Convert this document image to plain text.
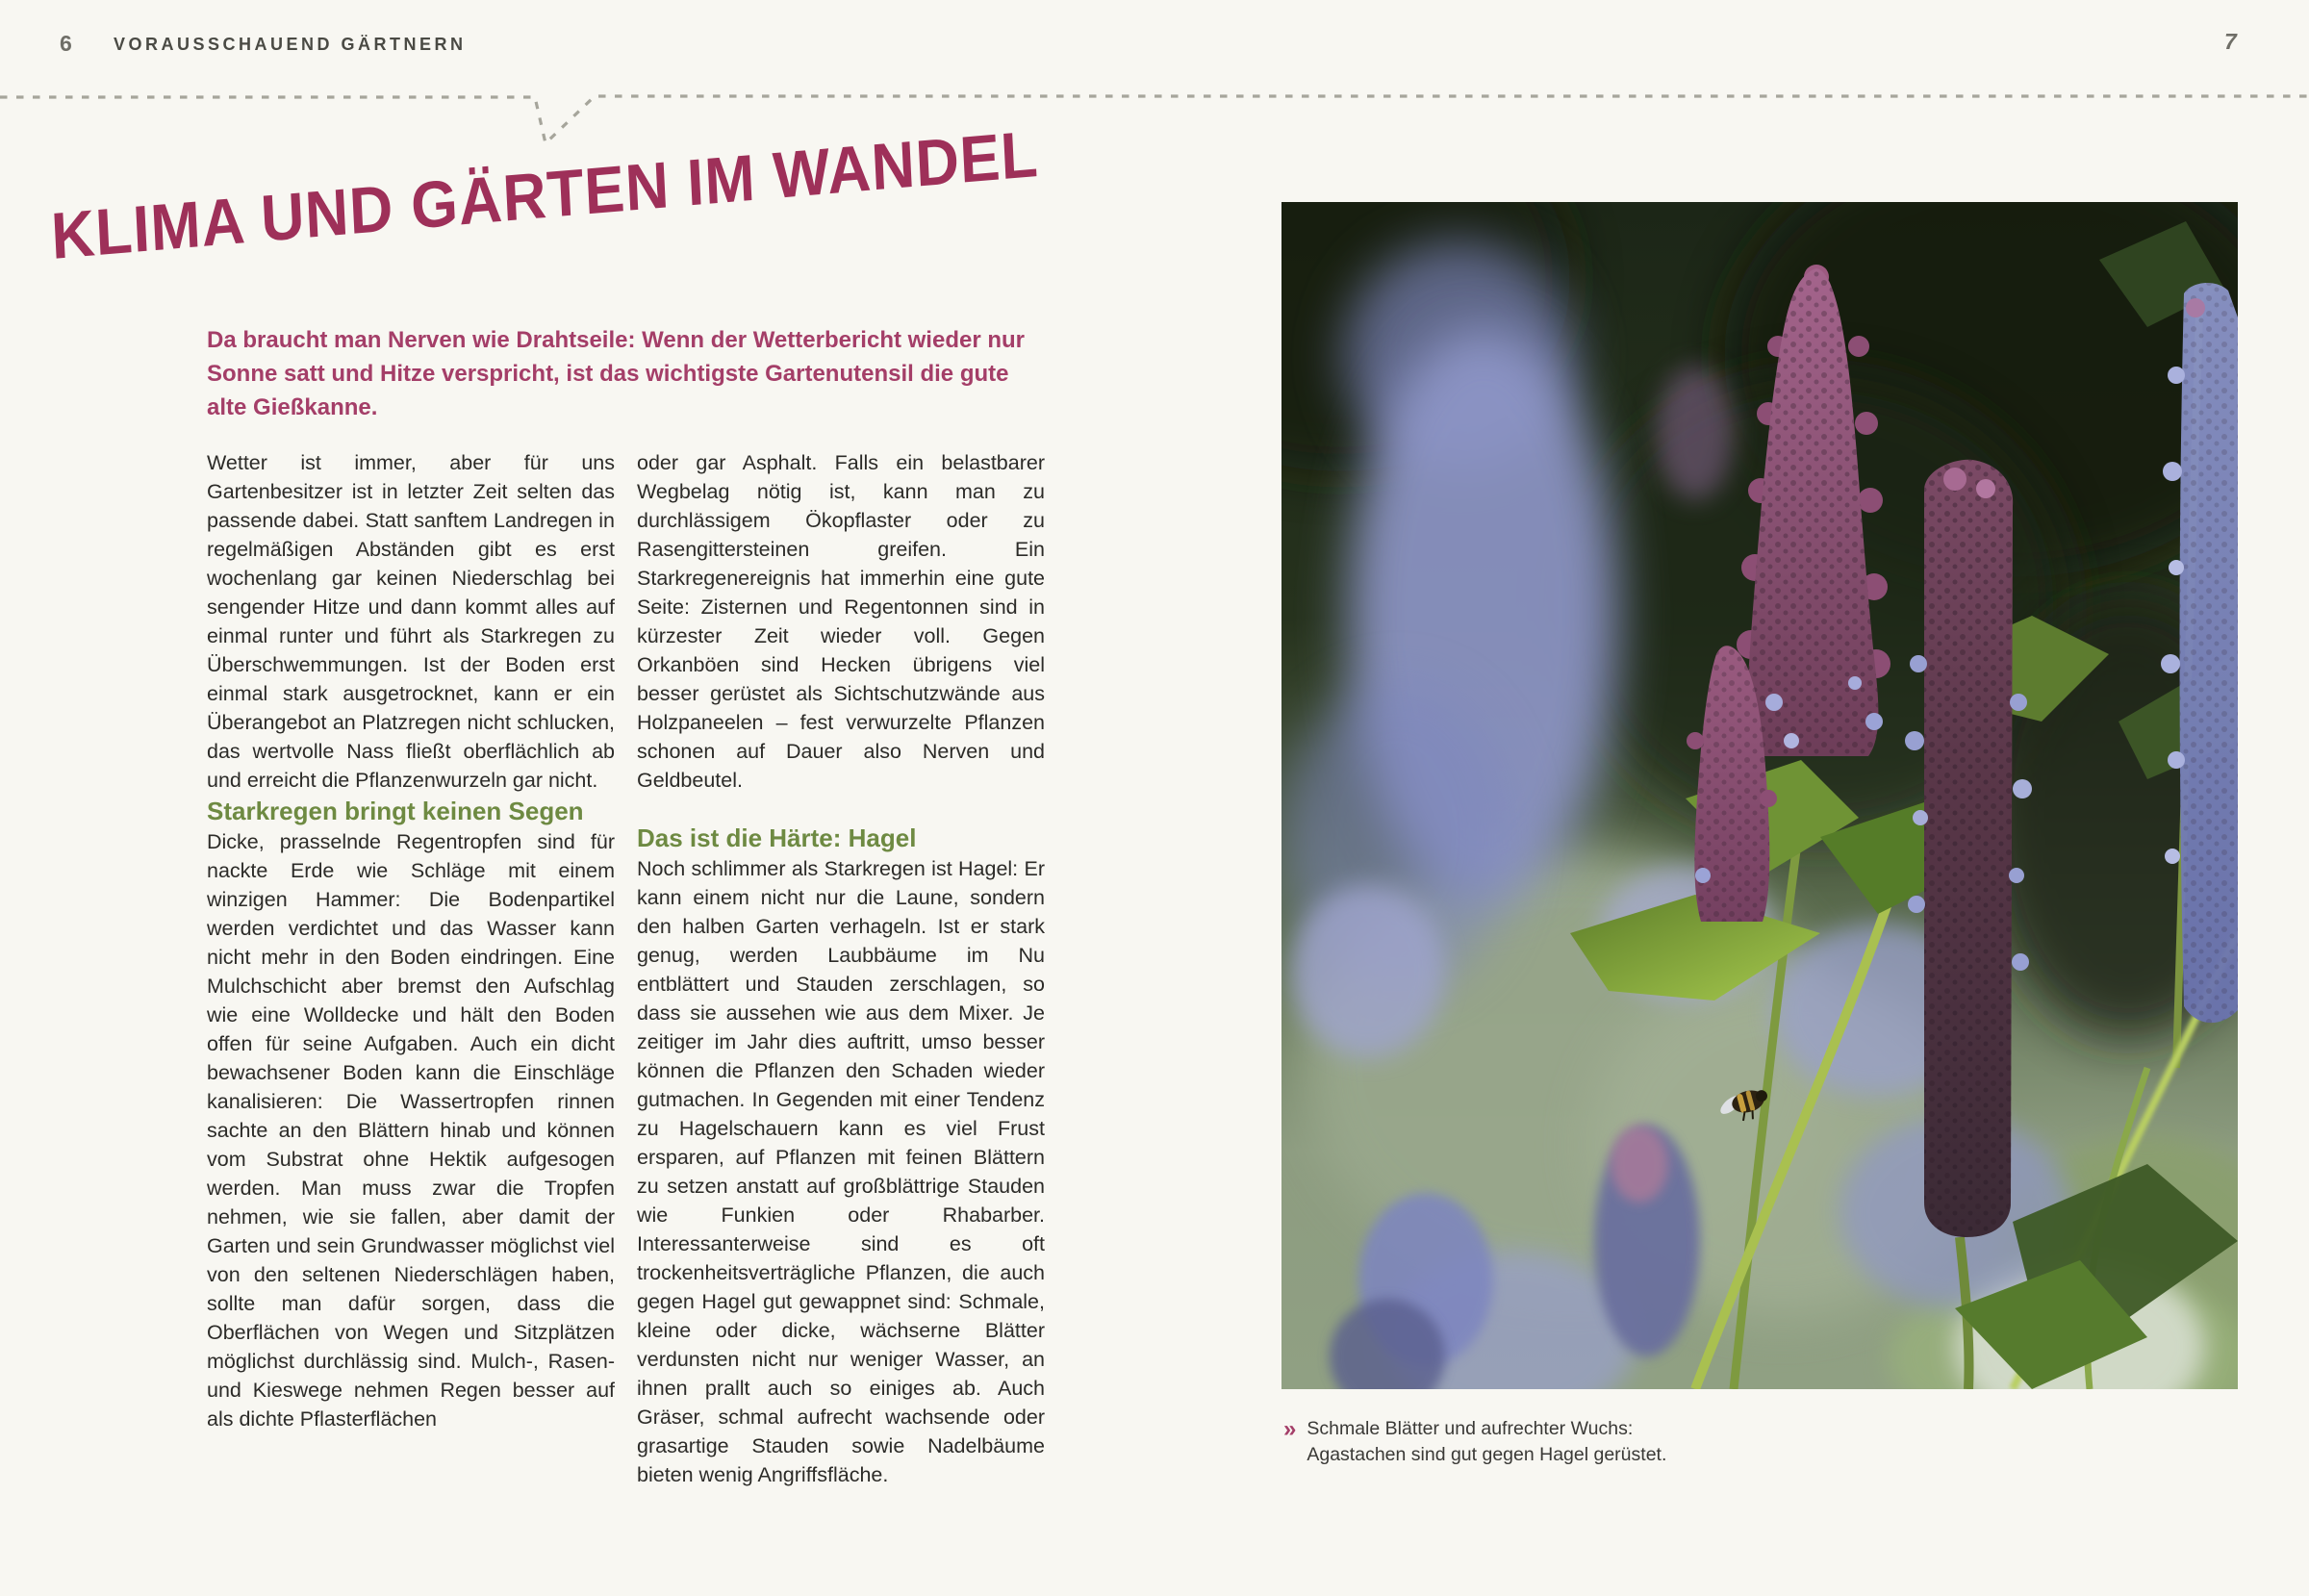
6 VORAUSSCHAUEND GÄRTNERN	7
KLIMA UND GÄRTEN IM WANDEL
Da braucht man Nerven wie Drahtseile: Wenn der Wetterbericht wieder nur Sonne satt und Hitze verspricht, ist das wichtigste Gartenutensil die gute alte Gießkanne.

Wetter ist immer, aber für uns Gartenbesitzer ist in letzter Zeit selten das passende dabei. Statt sanftem Landregen in regelmäßigen Abständen gibt es erst wochenlang gar keinen Niederschlag bei sengender Hitze und dann kommt alles auf einmal runter und führt als Starkregen zu Überschwemmungen. Ist der Boden erst einmal stark ausgetrocknet, kann er ein Überangebot an Platzregen nicht schlucken, das wertvolle Nass fließt oberflächlich ab und erreicht die Pflanzenwurzeln gar nicht.

Starkregen bringt keinen Segen

Dicke, prasselnde Regentropfen sind für nackte Erde wie Schläge mit einem winzigen Hammer: Die Bodenpartikel werden verdichtet und das Wasser kann nicht mehr in den Boden eindringen. Eine Mulchschicht aber bremst den Aufschlag wie eine Wolldecke und hält den Boden offen für seine Aufgaben. Auch ein dicht bewachsener Boden kann die Einschläge kanalisieren: Die Wassertropfen rinnen sachte an den Blättern hinab und können vom Substrat ohne Hektik aufgesogen werden. Man muss zwar die Tropfen nehmen, wie sie fallen, aber damit der Garten und sein Grundwasser möglichst viel von den seltenen Niederschlägen haben, sollte man dafür sorgen, dass die Oberflächen von Wegen und Sitzplätzen möglichst durchlässig sind. Mulch-, Rasen- und Kieswege nehmen Regen besser auf als dichte Pflasterflächen

oder gar Asphalt. Falls ein belastbarer Wegbelag nötig ist, kann man zu durchlässigem Ökopflaster oder zu Rasengittersteinen greifen. Ein Starkregenereignis hat immerhin eine gute Seite: Zisternen und Regentonnen sind in kürzester Zeit wieder voll. Gegen Orkanböen sind Hecken übrigens viel besser gerüstet als Sichtschutzwände aus Holzpaneelen – fest verwurzelte Pflanzen schonen auf Dauer also Nerven und Geldbeutel.

Das ist die Härte: Hagel

Noch schlimmer als Starkregen ist Hagel: Er kann einem nicht nur die Laune, sondern den halben Garten verhageln. Ist er stark genug, werden Laubbäume im Nu entblättert und Stauden zerschlagen, so dass sie aussehen wie aus dem Mixer. Je zeitiger im Jahr dies auftritt, umso besser können die Pflanzen den Schaden wieder gutmachen. In Gegenden mit einer Tendenz zu Hagelschauern kann es viel Frust ersparen, auf Pflanzen mit feinen Blättern zu setzen anstatt auf großblättrige Stauden wie Funkien oder Rhabarber. Interessanterweise sind es oft trockenheitsverträgliche Pflanzen, die auch gegen Hagel gut gewappnet sind: Schmale, kleine oder dicke, wächserne Blätter verdunsten nicht nur weniger Wasser, an ihnen prallt auch so einiges ab. Auch Gräser, schmal aufrecht wachsende oder grasartige Stauden sowie Nadelbäume bieten wenig Angriffsfläche.

» Schmale Blätter und aufrechter Wuchs:
Agastachen sind gut gegen Hagel gerüstet.
